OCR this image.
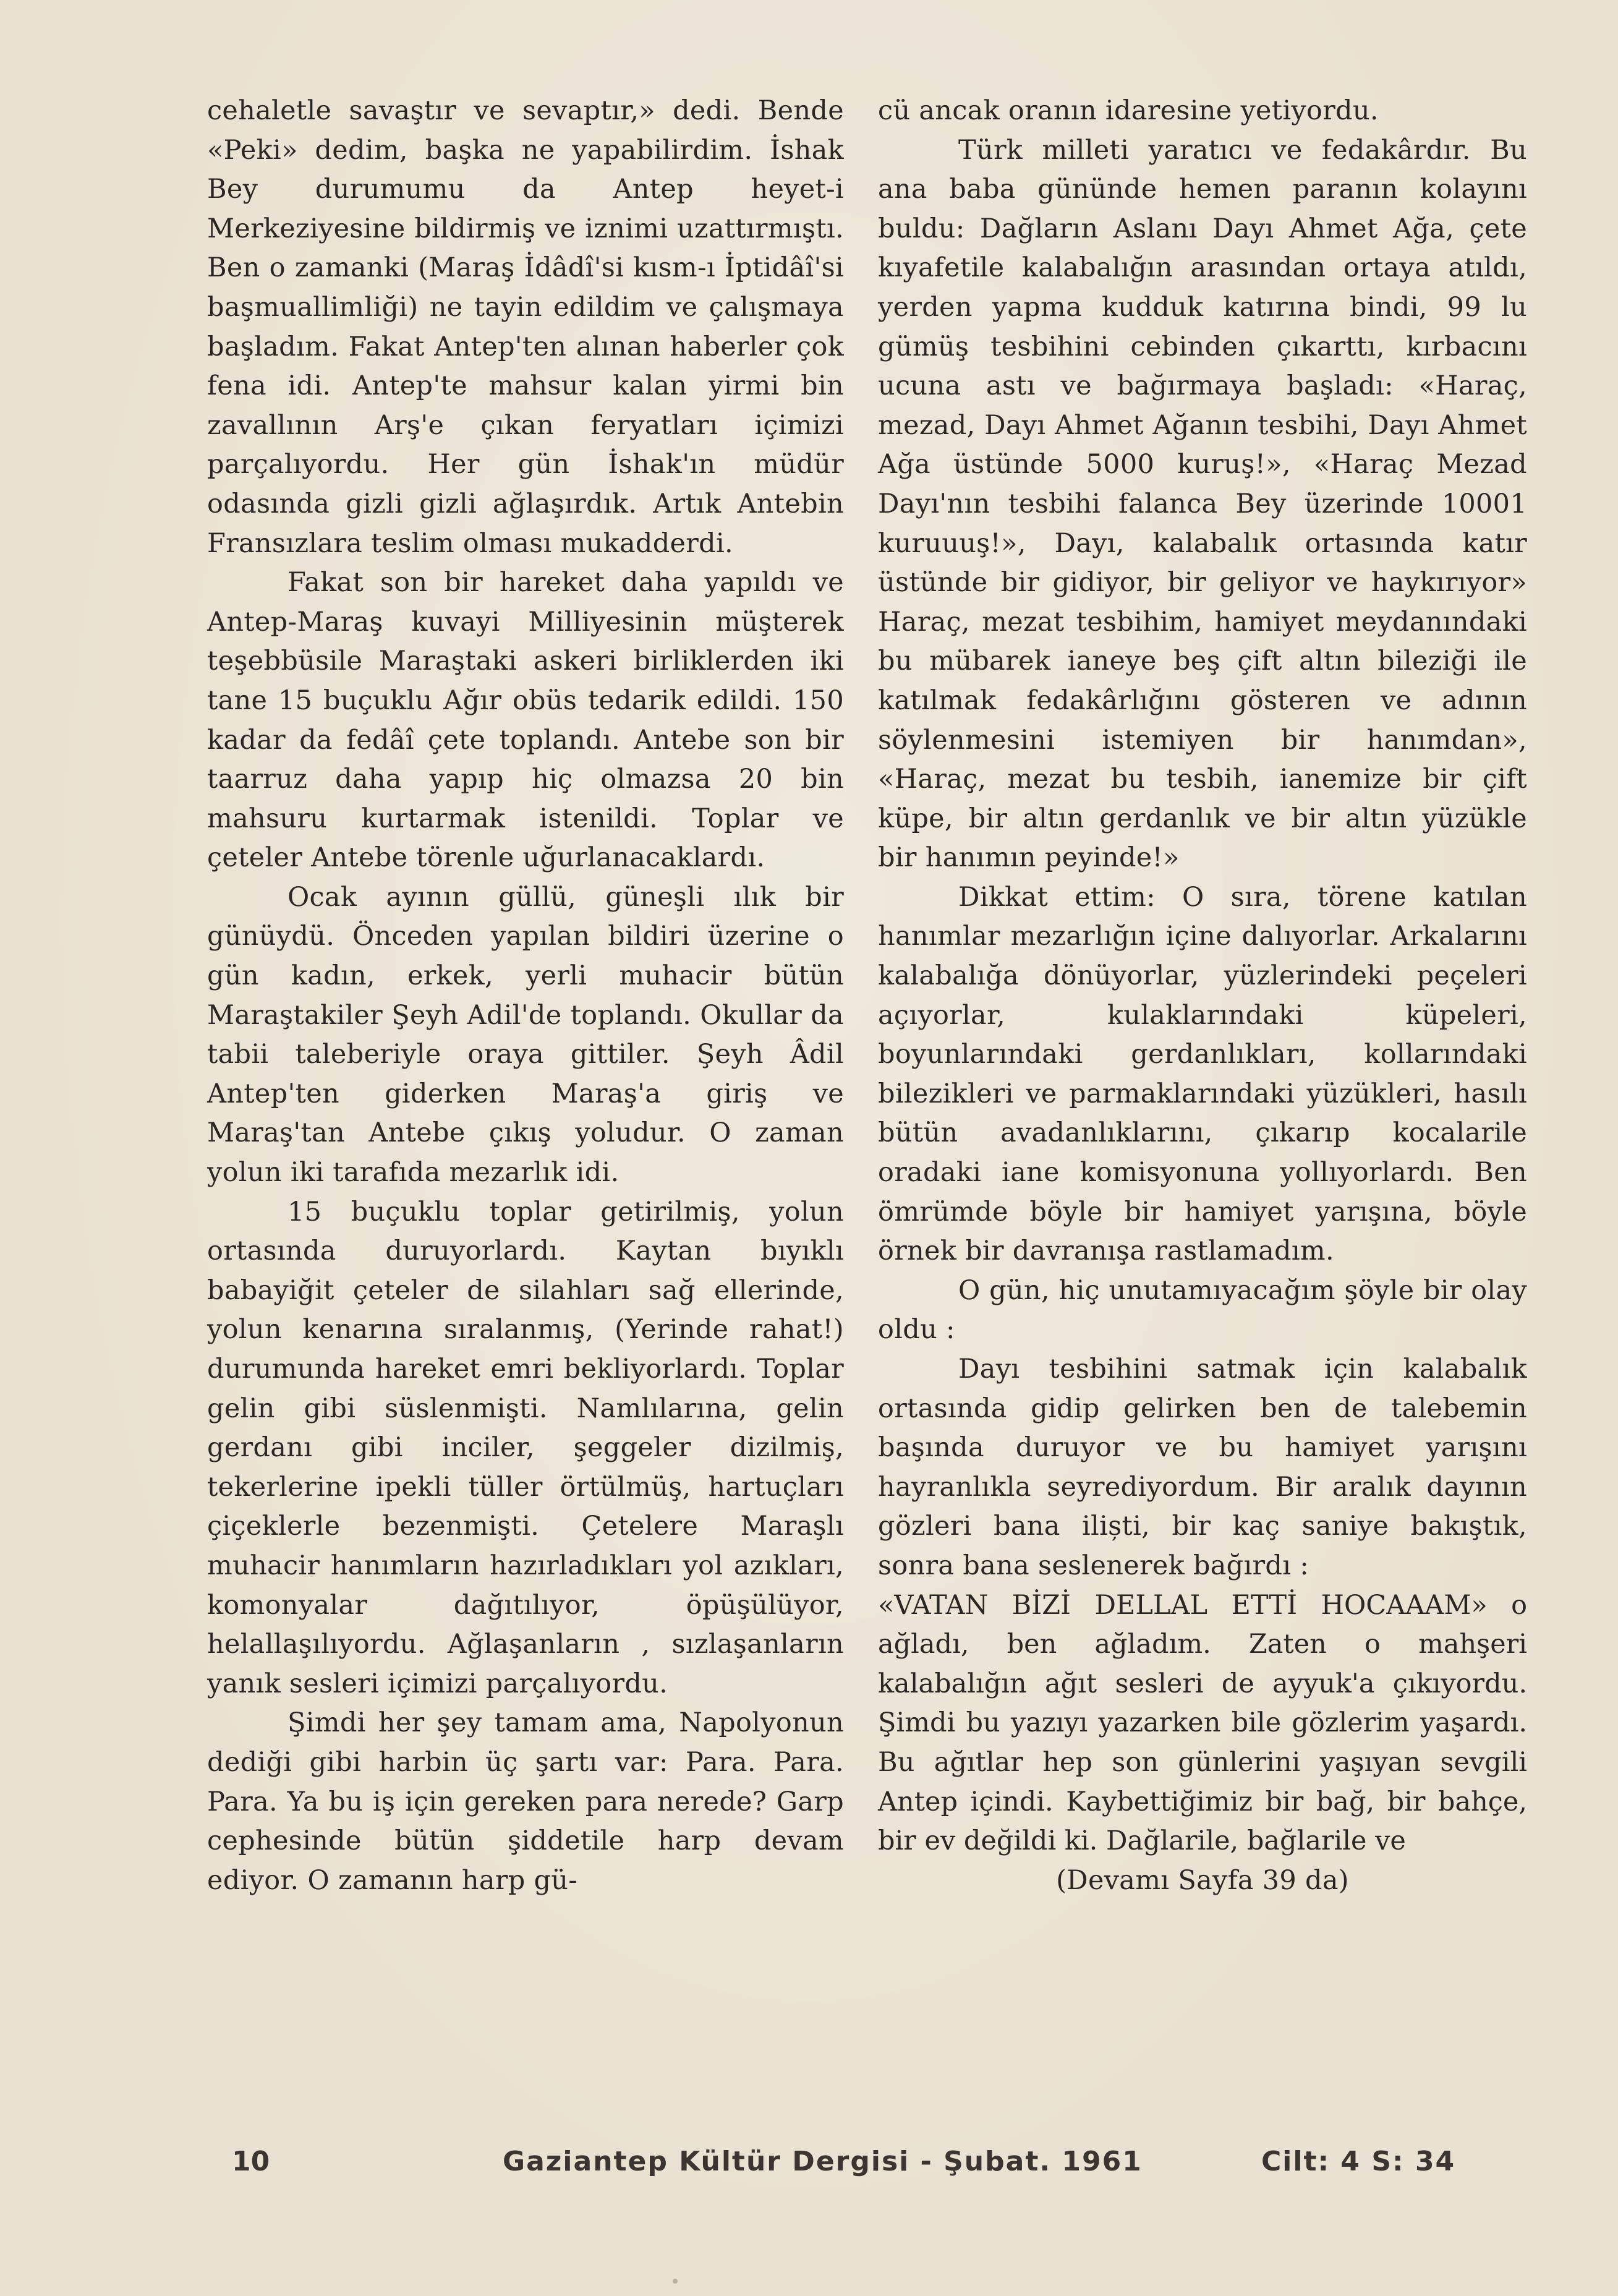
cehaletle savaştır ve sevaptır,» dedi. Bende «Peki» dedim, başka ne yapabilirdim. İshak Bey durumumu da Antep heyet-i Merkeziyesine bildirmiş ve iznimi uzattırmıştı. Ben o zamanki (Maraş İdâdî'si kısm-ı İptidâî'si başmuallimliği) ne tayin edildim ve çalışmaya başladım. Fakat Antep'ten alınan haberler çok fena idi. Antep'te mahsur kalan yirmi bin zavallının Arş'e çıkan feryatları içimizi parçalıyordu. Her gün İshak'ın müdür odasında gizli gizli ağlaşırdık. Artık Antebin Fransızlara teslim olması mukadderdi.

Fakat son bir hareket daha yapıldı ve Antep-Maraş kuvayi Milliyesinin müşterek teşebbüsile Maraştaki askeri birliklerden iki tane 15 buçuklu Ağır obüs tedarik edildi. 150 kadar da fedâî çete toplandı. Antebe son bir taarruz daha yapıp hiç olmazsa 20 bin mahsuru kurtarmak istenildi. Toplar ve çeteler Antebe törenle uğurlanacaklardı.

Ocak ayının güllü, güneşli ılık bir günüydü. Önceden yapılan bildiri üzerine o gün kadın, erkek, yerli muhacir bütün Maraştakiler Şeyh Adil'de toplandı. Okullar da tabii taleberiyle oraya gittiler. Şeyh Âdil Antep'ten giderken Maraş'a giriş ve Maraş'tan Antebe çıkış yoludur. O zaman yolun iki tarafıda mezarlık idi.

15 buçuklu toplar getirilmiş, yolun ortasında duruyorlardı. Kaytan bıyıklı babayiğit çeteler de silahları sağ ellerinde, yolun kenarına sıralanmış, (Yerinde rahat!) durumunda hareket emri bekliyorlardı. Toplar gelin gibi süslenmişti. Namlılarına, gelin gerdanı gibi inciler, şeggeler dizilmiş, tekerlerine ipekli tüller örtülmüş, hartuçları çiçeklerle bezenmişti. Çetelere Maraşlı muhacir hanımların hazırladıkları yol azıkları, komonyalar dağıtılıyor, öpüşülüyor, helallaşılıyordu. Ağlaşanların , sızlaşanların yanık sesleri içimizi parçalıyordu.

Şimdi her şey tamam ama, Napolyonun dediği gibi harbin üç şartı var: Para. Para. Para. Ya bu iş için gereken para nerede? Garp cephesinde bütün şiddetile harp devam ediyor. O zamanın harp gü-

cü ancak oranın idaresine yetiyordu.

Türk milleti yaratıcı ve fedakârdır. Bu ana baba gününde hemen paranın kolayını buldu: Dağların Aslanı Dayı Ahmet Ağa, çete kıyafetile kalabalığın arasından ortaya atıldı, yerden yapma kudduk katırına bindi, 99 lu gümüş tesbihini cebinden çıkarttı, kırbacını ucuna astı ve bağırmaya başladı: «Haraç, mezad, Dayı Ahmet Ağanın tesbihi, Dayı Ahmet Ağa üstünde 5000 kuruş!», «Haraç Mezad Dayı'nın tesbihi falanca Bey üzerinde 10001 kuruuuş!», Dayı, kalabalık ortasında katır üstünde bir gidiyor, bir geliyor ve haykırıyor» Haraç, mezat tesbihim, hamiyet meydanındaki bu mübarek ianeye beş çift altın bileziği ile katılmak fedakârlığını gösteren ve adının söylenmesini istemiyen bir hanımdan», «Haraç, mezat bu tesbih, ianemize bir çift küpe, bir altın gerdanlık ve bir altın yüzükle bir hanımın peyinde!»

Dikkat ettim: O sıra, törene katılan hanımlar mezarlığın içine dalıyorlar. Arkalarını kalabalığa dönüyorlar, yüzlerindeki peçeleri açıyorlar, kulaklarındaki küpeleri, boyunlarındaki gerdanlıkları, kollarındaki bilezikleri ve parmaklarındaki yüzükleri, hasılı bütün avadanlıklarını, çıkarıp kocalarile oradaki iane komisyonuna yollıyorlardı. Ben ömrümde böyle bir hamiyet yarışına, böyle örnek bir davranışa rastlamadım.

O gün, hiç unutamıyacağım şöyle bir olay oldu :

Dayı tesbihini satmak için kalabalık ortasında gidip gelirken ben de talebemin başında duruyor ve bu hamiyet yarışını hayranlıkla seyrediyordum. Bir aralık dayının gözleri bana iliști, bir kaç saniye bakıştık, sonra bana seslenerek bağırdı :

«VATAN BİZİ DELLAL ETTİ HOCAAAM» o ağladı, ben ağladım. Zaten o mahşeri kalabalığın ağıt sesleri de ayyuk'a çıkıyordu. Şimdi bu yazıyı yazarken bile gözlerim yaşardı. Bu ağıtlar hep son günlerini yaşıyan sevgili Antep içindi. Kaybettiğimiz bir bağ, bir bahçe, bir ev değildi ki. Dağlarile, bağlarile ve

(Devamı Sayfa 39 da)

10	Gaziantep Kültür Dergisi - Şubat. 1961	Cilt: 4 S: 34
